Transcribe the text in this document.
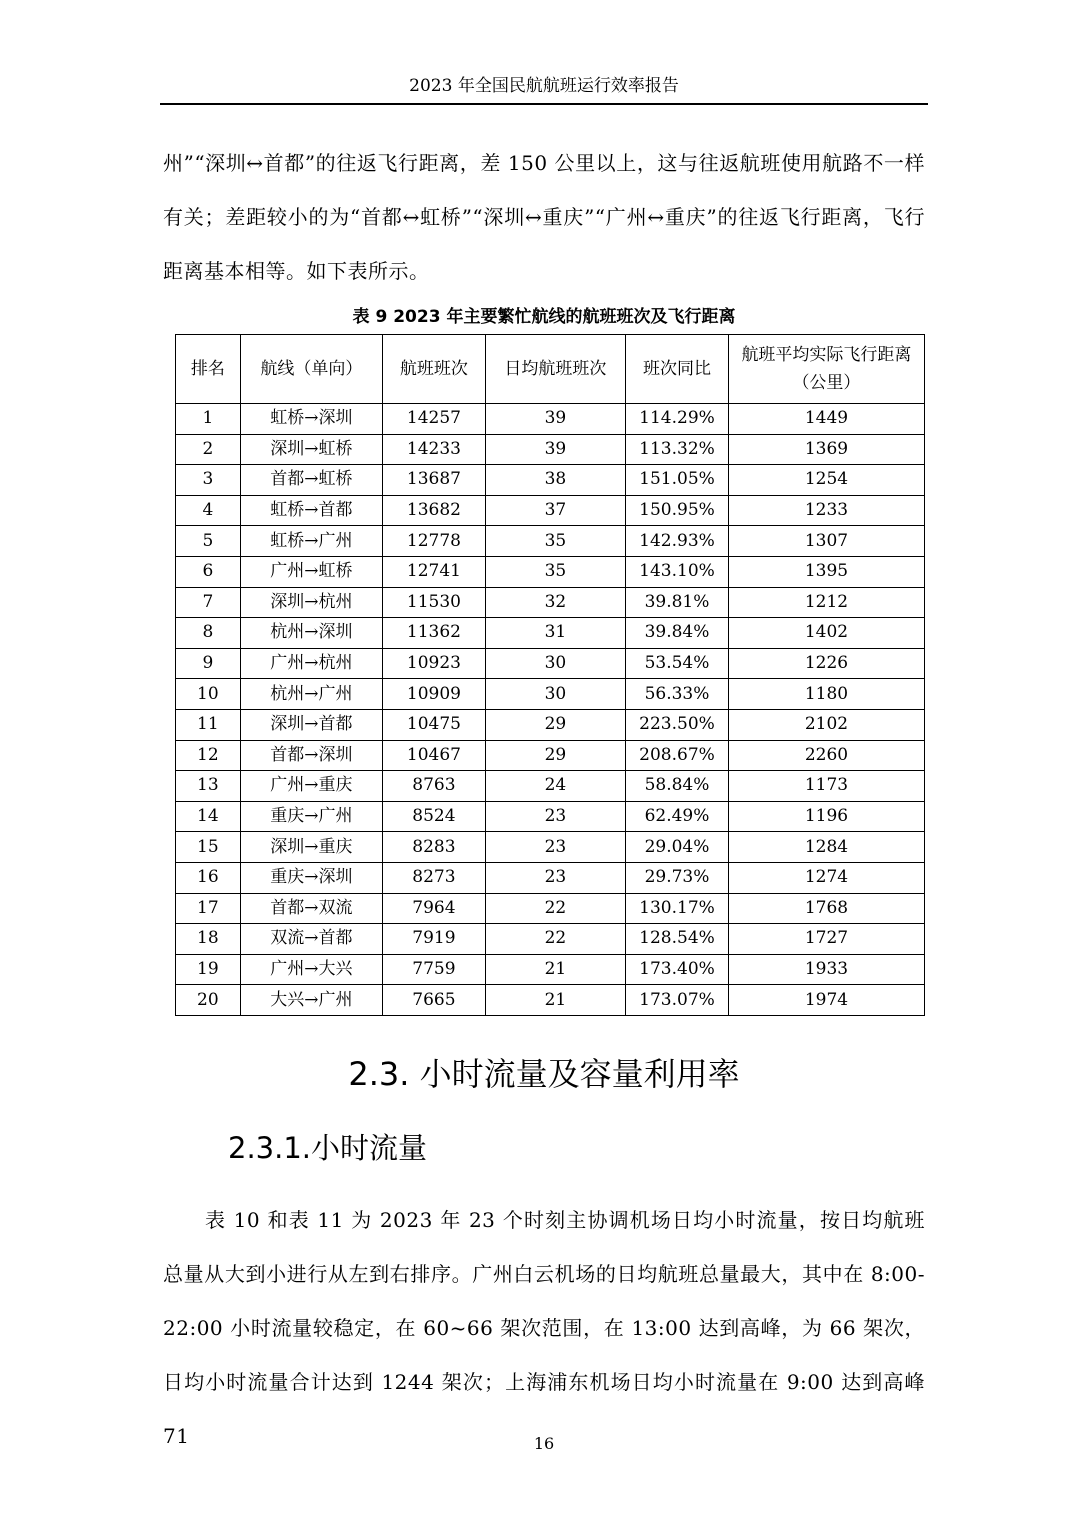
2023 年全国民航航班运行效率报告
州”“深圳↔首都”的往返飞行距离，差 150 公里以上，这与往返航班使用航路不一样有关；差距较小的为“首都↔虹桥”“深圳↔重庆”“广州↔重庆”的往返飞行距离，飞行距离基本相等。如下表所示。
表 9 2023 年主要繁忙航线的航班班次及飞行距离
排名	航线（单向）	航班班次	日均航班班次	班次同比	航班平均实际飞行距离（公里）
1	虹桥→深圳	14257	39	114.29%	1449
2	深圳→虹桥	14233	39	113.32%	1369
3	首都→虹桥	13687	38	151.05%	1254
4	虹桥→首都	13682	37	150.95%	1233
5	虹桥→广州	12778	35	142.93%	1307
6	广州→虹桥	12741	35	143.10%	1395
7	深圳→杭州	11530	32	39.81%	1212
8	杭州→深圳	11362	31	39.84%	1402
9	广州→杭州	10923	30	53.54%	1226
10	杭州→广州	10909	30	56.33%	1180
11	深圳→首都	10475	29	223.50%	2102
12	首都→深圳	10467	29	208.67%	2260
13	广州→重庆	8763	24	58.84%	1173
14	重庆→广州	8524	23	62.49%	1196
15	深圳→重庆	8283	23	29.04%	1284
16	重庆→深圳	8273	23	29.73%	1274
17	首都→双流	7964	22	130.17%	1768
18	双流→首都	7919	22	128.54%	1727
19	广州→大兴	7759	21	173.40%	1933
20	大兴→广州	7665	21	173.07%	1974
2.3. 小时流量及容量利用率
2.3.1.小时流量
表 10 和表 11 为 2023 年 23 个时刻主协调机场日均小时流量，按日均航班总量从大到小进行从左到右排序。广州白云机场的日均航班总量最大，其中在 8:00-22:00 小时流量较稳定，在 60~66 架次范围，在 13:00 达到高峰，为 66 架次，日均小时流量合计达到 1244 架次；上海浦东机场日均小时流量在 9:00 达到高峰 71	16
